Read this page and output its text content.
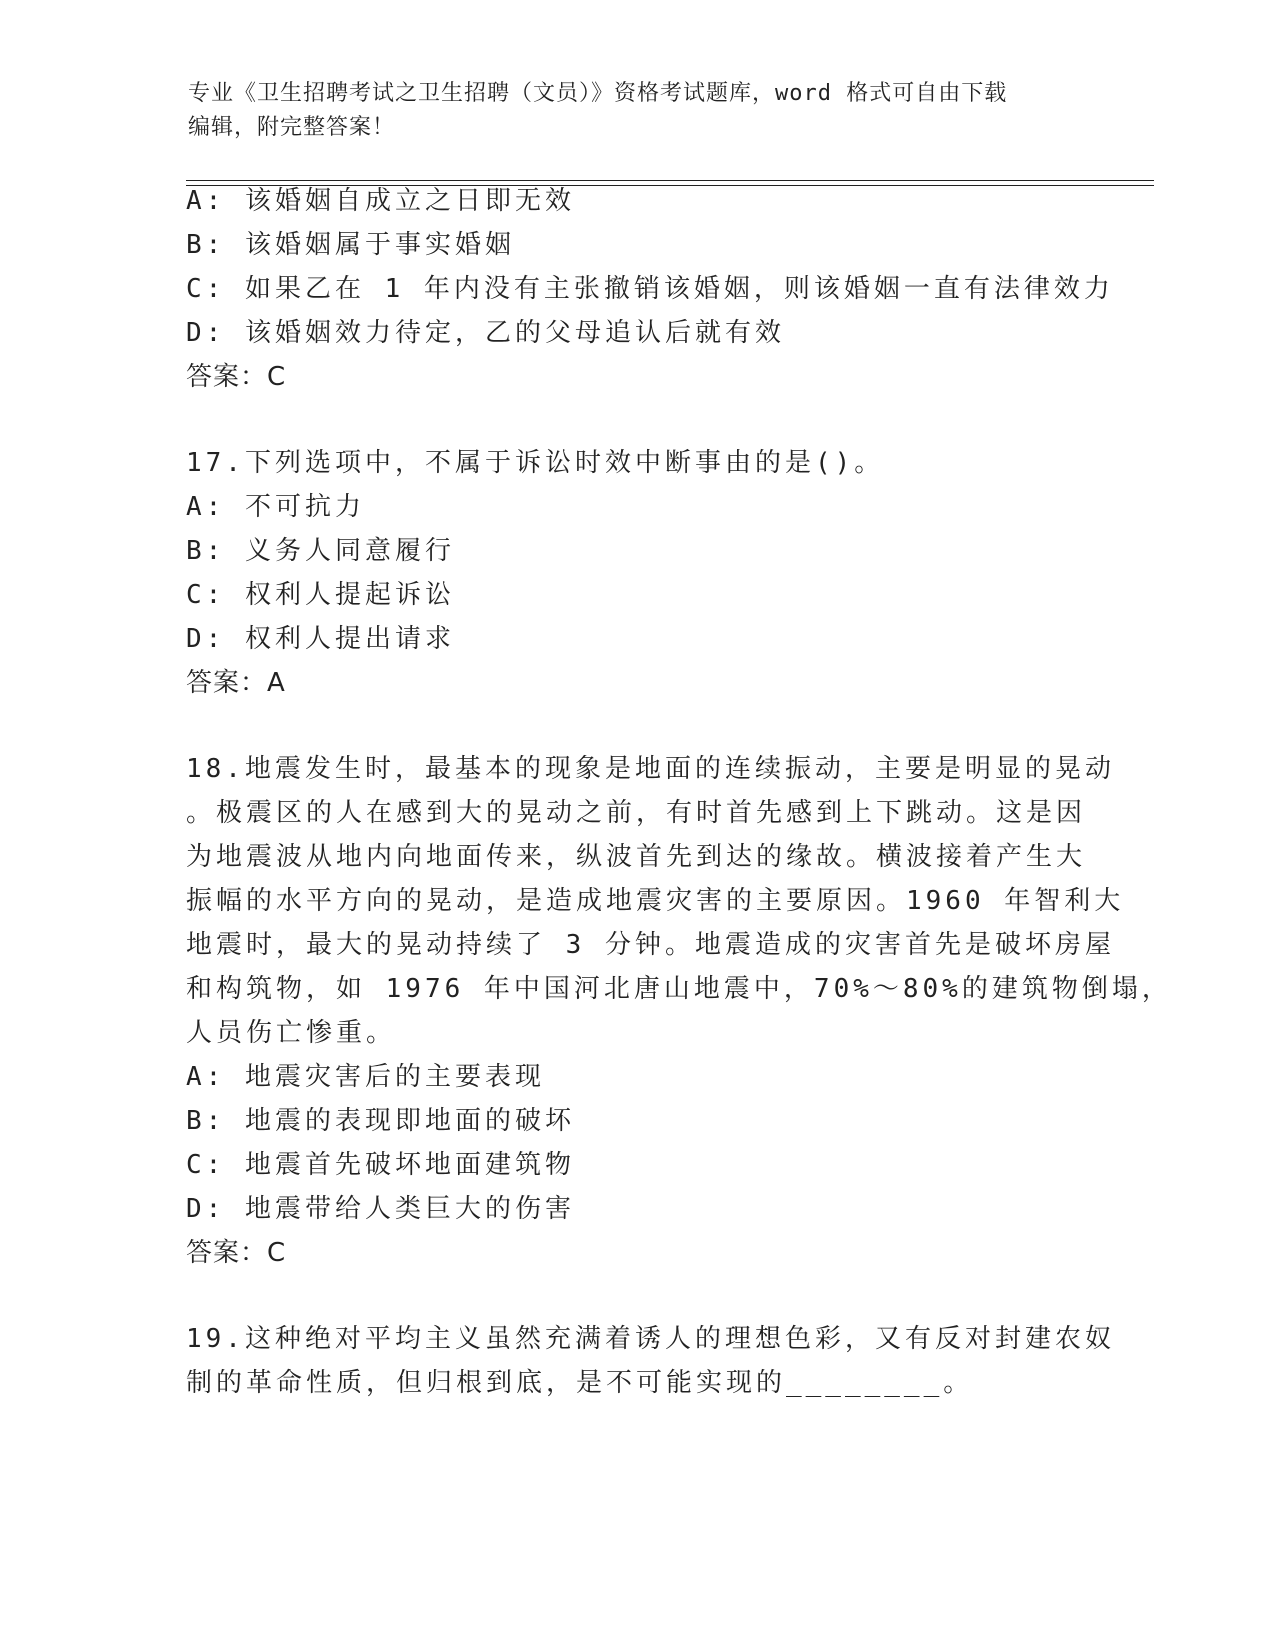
专业《卫生招聘考试之卫生招聘（文员）》资格考试题库，word 格式可自由下载
编辑，附完整答案！
A: 该婚姻自成立之日即无效
B: 该婚姻属于事实婚姻
C: 如果乙在 1 年内没有主张撤销该婚姻，则该婚姻一直有法律效力
D: 该婚姻效力待定，乙的父母追认后就有效
答案：C
17.下列选项中，不属于诉讼时效中断事由的是()。
A: 不可抗力
B: 义务人同意履行
C: 权利人提起诉讼
D: 权利人提出请求
答案：A
18.地震发生时，最基本的现象是地面的连续振动，主要是明显的晃动
。极震区的人在感到大的晃动之前，有时首先感到上下跳动。这是因
为地震波从地内向地面传来，纵波首先到达的缘故。横波接着产生大
振幅的水平方向的晃动，是造成地震灾害的主要原因。1960 年智利大
地震时，最大的晃动持续了 3 分钟。地震造成的灾害首先是破坏房屋
和构筑物，如 1976 年中国河北唐山地震中，70%～80%的建筑物倒塌，
人员伤亡惨重。
A: 地震灾害后的主要表现
B: 地震的表现即地面的破坏
C: 地震首先破坏地面建筑物
D: 地震带给人类巨大的伤害
答案：C
19.这种绝对平均主义虽然充满着诱人的理想色彩，又有反对封建农奴
制的革命性质，但归根到底，是不可能实现的________。
